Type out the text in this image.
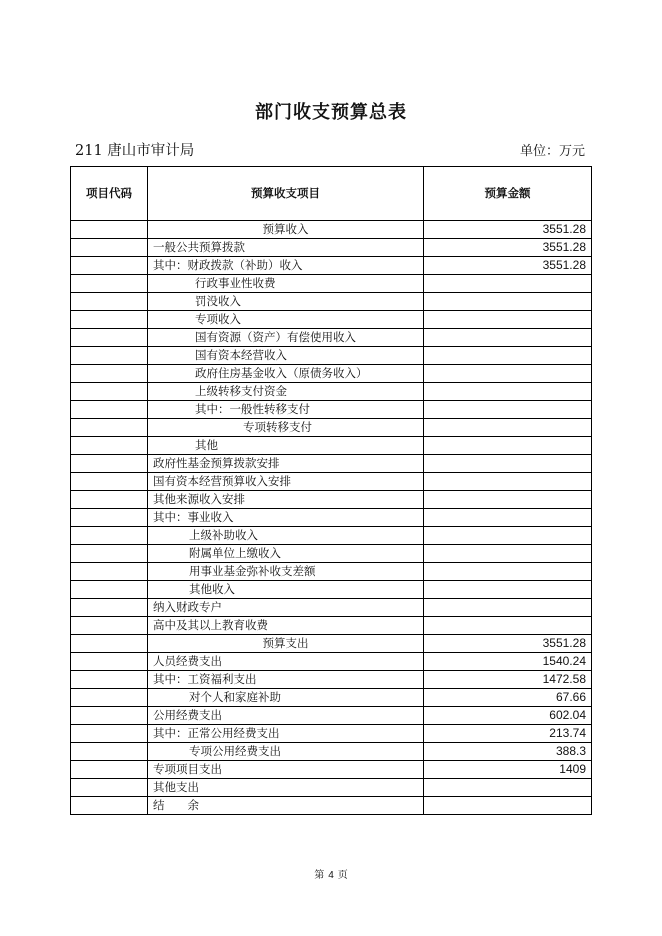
部门收支预算总表
211 唐山市审计局	单位：万元
项目代码	预算收支项目	预算金额
	预算收入	3551.28
	一般公共预算拨款	3551.28
	其中：财政拨款（补助）收入	3551.28
	行政事业性收费	
	罚没收入	
	专项收入	
	国有资源（资产）有偿使用收入	
	国有资本经营收入	
	政府住房基金收入（原债务收入）	
	上级转移支付资金	
	其中：一般性转移支付	
	专项转移支付	
	其他	
	政府性基金预算拨款安排	
	国有资本经营预算收入安排	
	其他来源收入安排	
	其中：事业收入	
	上级补助收入	
	附属单位上缴收入	
	用事业基金弥补收支差额	
	其他收入	
	纳入财政专户	
	高中及其以上教育收费	
	预算支出	3551.28
	人员经费支出	1540.24
	其中：工资福利支出	1472.58
	对个人和家庭补助	67.66
	公用经费支出	602.04
	其中：正常公用经费支出	213.74
	专项公用经费支出	388.3
	专项项目支出	1409
	其他支出	
	结　　余	
第 4 页
